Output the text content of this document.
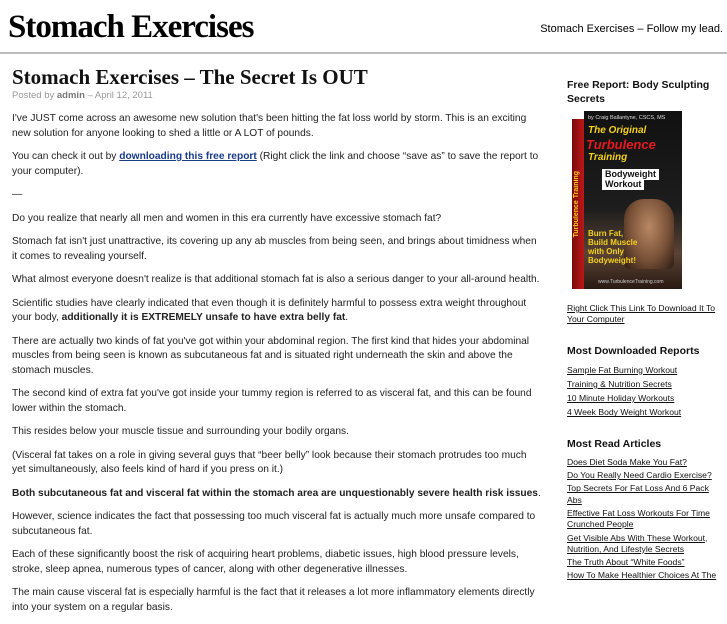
Stomach Exercises	Stomach Exercises – Follow my lead.
Stomach Exercises – The Secret Is OUT
Posted by admin – April 12, 2011

I've JUST come across an awesome new solution that's been hitting the fat loss world by storm. This is an exciting new solution for anyone looking to shed a little or A LOT of pounds.

You can check it out by downloading this free report (Right click the link and choose “save as” to save the report to your computer).

—

Do you realize that nearly all men and women in this era currently have excessive stomach fat?

Stomach fat isn't just unattractive, its covering up any ab muscles from being seen, and brings about timidness when it comes to revealing yourself.

What almost everyone doesn't realize is that additional stomach fat is also a serious danger to your all-around health.

Scientific studies have clearly indicated that even though it is definitely harmful to possess extra weight throughout your body, additionally it is EXTREMELY unsafe to have extra belly fat.

There are actually two kinds of fat you've got within your abdominal region. The first kind that hides your abdominal muscles from being seen is known as subcutaneous fat and is situated right underneath the skin and above the stomach muscles.

The second kind of extra fat you've got inside your tummy region is referred to as visceral fat, and this can be found lower within the stomach.

This resides below your muscle tissue and surrounding your bodily organs.

(Visceral fat takes on a role in giving several guys that “beer belly” look because their stomach protrudes too much yet simultaneously, also feels kind of hard if you press on it.)

Both subcutaneous fat and visceral fat within the stomach area are unquestionably severe health risk issues.

However, science indicates the fact that possessing too much visceral fat is actually much more unsafe compared to subcutaneous fat.

Each of these significantly boost the risk of acquiring heart problems, diabetic issues, high blood pressure levels, stroke, sleep apnea, numerous types of cancer, along with other degenerative illnesses.

The main cause visceral fat is especially harmful is the fact that it releases a lot more inflammatory elements directly into your system on a regular basis.

Free Report: Body Sculpting Secrets
Turbulence Training
by Craig Ballantyne, CSCS, MS
The Original
Turbulence
Training
Bodyweight
Workout
Burn Fat,
Build Muscle
with Only
Bodyweight!
www.TurbulenceTraining.com
Right Click This Link To Download It To Your Computer
Most Downloaded Reports
Sample Fat Burning Workout
Training & Nutrition Secrets
10 Minute Holiday Workouts
4 Week Body Weight Workout
Most Read Articles
Does Diet Soda Make You Fat?
Do You Really Need Cardio Exercise?
Top Secrets For Fat Loss And 6 Pack Abs
Effective Fat Loss Workouts For Time Crunched People
Get Visible Abs With These Workout, Nutrition, And Lifestyle Secrets
The Truth About “White Foods”
How To Make Healthier Choices At The
